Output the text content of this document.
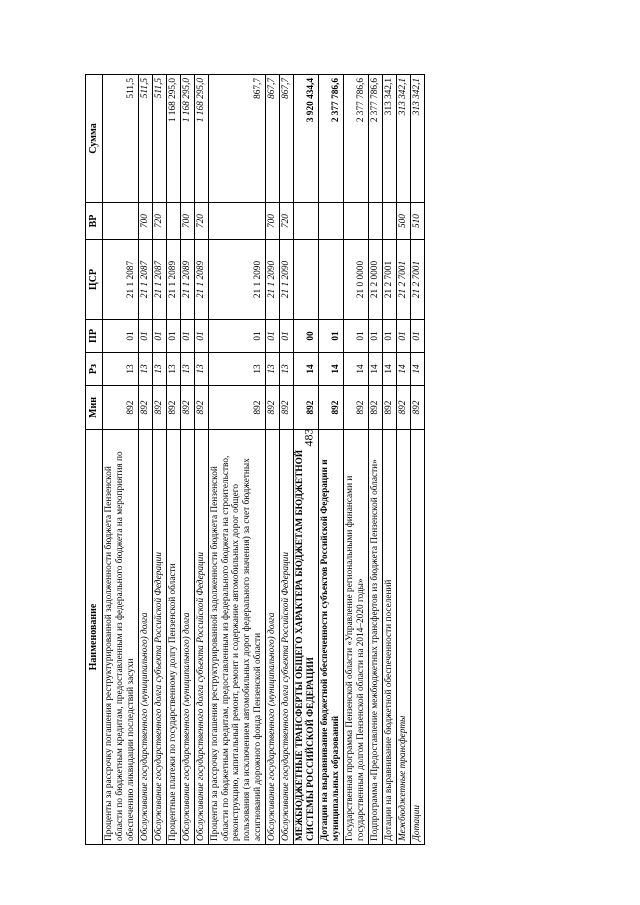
483
Наименование	Мин	Рз	ПР	ЦСР	ВР	Сумма
Проценты за рассрочку погашения реструктурированной задолженности бюджета Пензенской области по бюджетным кредитам, предоставленным из федерального бюджета на мероприятия по обеспечению ликвидации последствий засухи	892	13	01	21 1 2087		511,5
Обслуживание государственного (муниципального) долга	892	13	01	21 1 2087	700	511,5
Обслуживание государственного долга субъекта Российской Федерации	892	13	01	21 1 2087	720	511,5
Процентные платежи по государственному долгу Пензенской области	892	13	01	21 1 2089		1 168 295,0
Обслуживание государственного (муниципального) долга	892	13	01	21 1 2089	700	1 168 295,0
Обслуживание государственного долга субъекта Российской Федерации	892	13	01	21 1 2089	720	1 168 295,0
Проценты за рассрочку погашения реструктурированной задолженности бюджета Пензенской области по бюджетным кредитам, предоставленным из федерального бюджета на строительство, реконструкцию, капитальный ремонт, ремонт и содержание автомобильных дорог общего пользования (за исключением автомобильных дорог федерального значения) за счет бюджетных ассигнований дорожного фонда Пензенской области	892	13	01	21 1 2090		867,7
Обслуживание государственного (муниципального) долга	892	13	01	21 1 2090	700	867,7
Обслуживание государственного долга субъекта Российской Федерации	892	13	01	21 1 2090	720	867,7
МЕЖБЮДЖЕТНЫЕ ТРАНСФЕРТЫ ОБЩЕГО ХАРАКТЕРА БЮДЖЕТАМ БЮДЖЕТНОЙ СИСТЕМЫ РОССИЙСКОЙ ФЕДЕРАЦИИ	892	14	00			3 920 434,4
Дотации на выравнивание бюджетной обеспеченности субъектов Российской Федерации и муниципальных образований	892	14	01			2 377 786,6
Государственная программа Пензенской области «Управление региональными финансами и государственным долгом Пензенской области на 2014–2020 годы»	892	14	01	21 0 0000		2 377 786,6
Подпрограмма «Предоставление межбюджетных трансфертов из бюджета Пензенской области»	892	14	01	21 2 0000		2 377 786,6
Дотации на выравнивание бюджетной обеспеченности поселений	892	14	01	21 2 7001		313 342,1
Межбюджетные трансферты	892	14	01	21 2 7001	500	313 342,1
Дотации	892	14	01	21 2 7001	510	313 342,1
